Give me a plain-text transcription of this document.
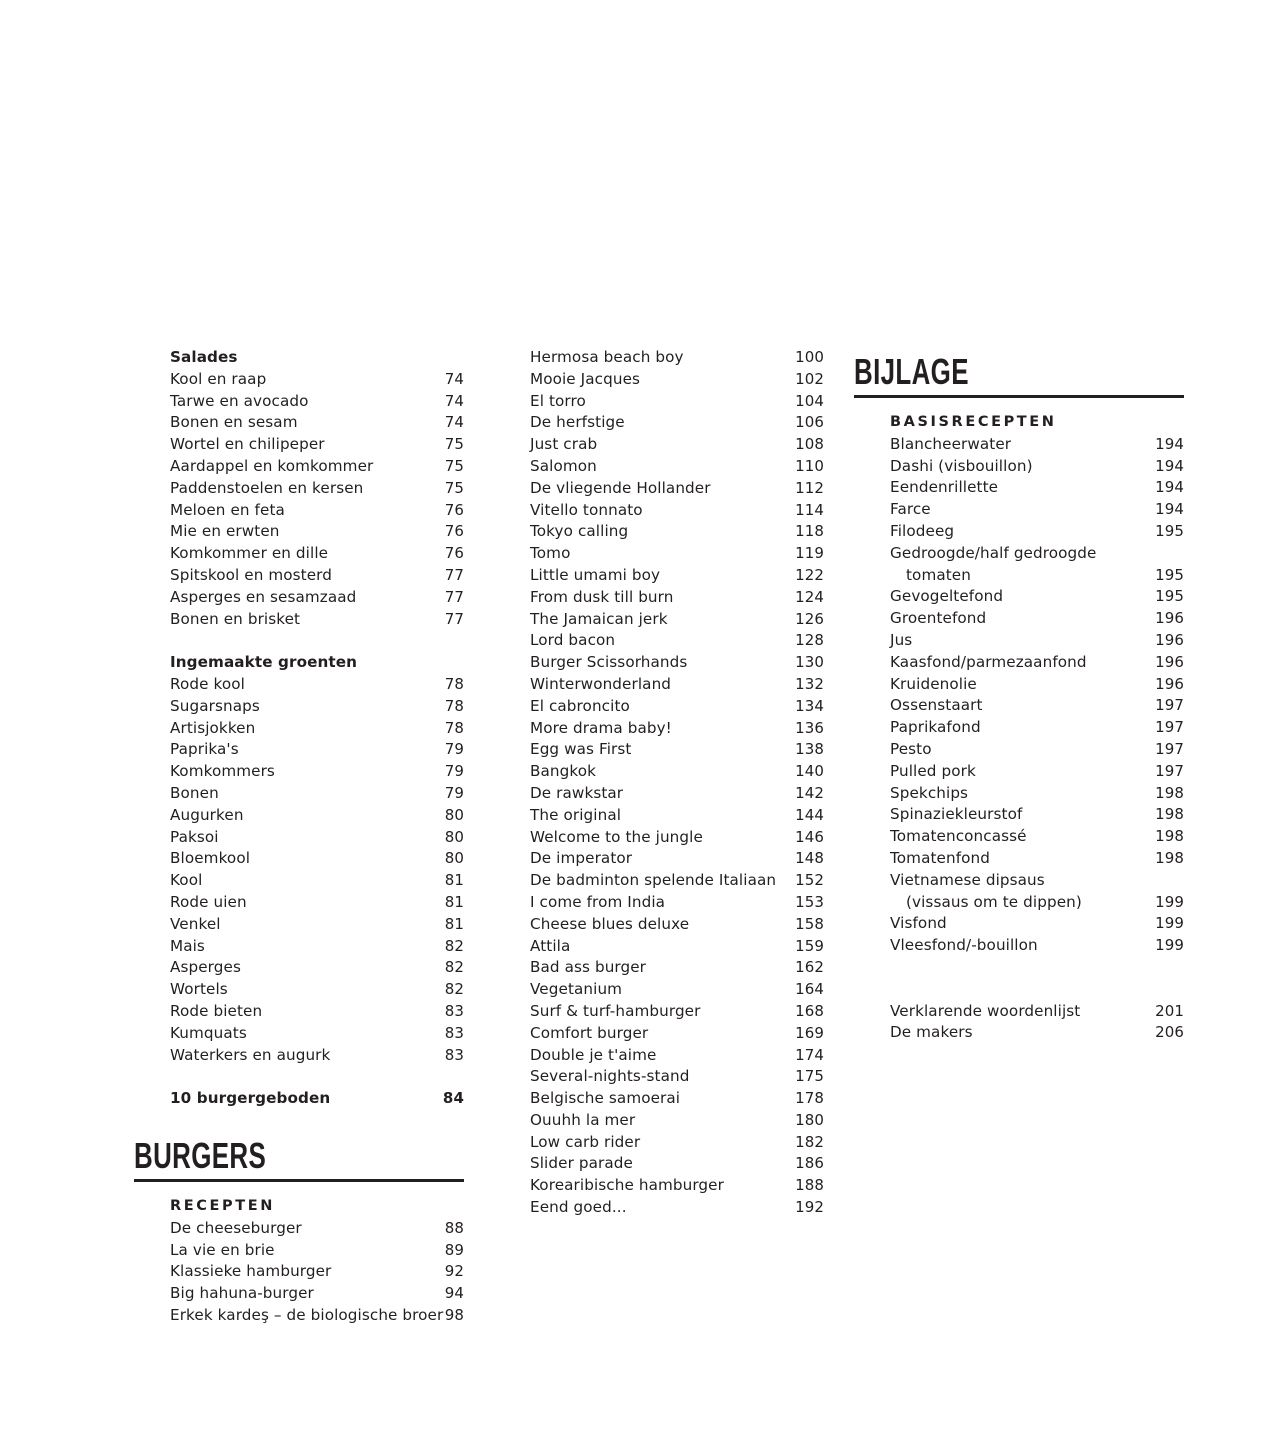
Salades
Kool en raap	74
Tarwe en avocado	74
Bonen en sesam	74
Wortel en chilipeper	75
Aardappel en komkommer	75
Paddenstoelen en kersen	75
Meloen en feta	76
Mie en erwten	76
Komkommer en dille	76
Spitskool en mosterd	77
Asperges en sesamzaad	77
Bonen en brisket	77
Ingemaakte groenten
Rode kool	78
Sugarsnaps	78
Artisjokken	78
Paprika's	79
Komkommers	79
Bonen	79
Augurken	80
Paksoi	80
Bloemkool	80
Kool	81
Rode uien	81
Venkel	81
Mais	82
Asperges	82
Wortels	82
Rode bieten	83
Kumquats	83
Waterkers en augurk	83
10 burgergeboden	84
BURGERS
RECEPTEN
De cheeseburger	88
La vie en brie	89
Klassieke hamburger	92
Big hahuna-burger	94
Erkek kardeş – de biologische broer 98
Hermosa beach boy	100
Mooie Jacques	102
El torro	104
De herfstige	106
Just crab	108
Salomon	110
De vliegende Hollander	112
Vitello tonnato	114
Tokyo calling	118
Tomo	119
Little umami boy	122
From dusk till burn	124
The Jamaican jerk	126
Lord bacon	128
Burger Scissorhands	130
Winterwonderland	132
El cabroncito	134
More drama baby!	136
Egg was First	138
Bangkok	140
De rawkstar	142
The original	144
Welcome to the jungle	146
De imperator	148
De badminton spelende Italiaan 152
I come from India	153
Cheese blues deluxe	158
Attila	159
Bad ass burger	162
Vegetanium	164
Surf & turf-hamburger	168
Comfort burger	169
Double je t'aime	174
Several-nights-stand	175
Belgische samoerai	178
Ouuhh la mer	180
Low carb rider	182
Slider parade	186
Korearibische hamburger	188
Eend goed...	192
BIJLAGE
BASISRECEPTEN
Blancheerwater	194
Dashi (visbouillon)	194
Eendenrillette	194
Farce	194
Filodeeg	195
Gedroogde/half gedroogde
tomaten	195
Gevogeltefond	195
Groentefond	196
Jus	196
Kaasfond/parmezaanfond	196
Kruidenolie	196
Ossenstaart	197
Paprikafond	197
Pesto	197
Pulled pork	197
Spekchips	198
Spinaziekleurstof	198
Tomatenconcassé	198
Tomatenfond	198
Vietnamese dipsaus
(vissaus om te dippen)	199
Visfond	199
Vleesfond/-bouillon	199
Verklarende woordenlijst	201
De makers	206
